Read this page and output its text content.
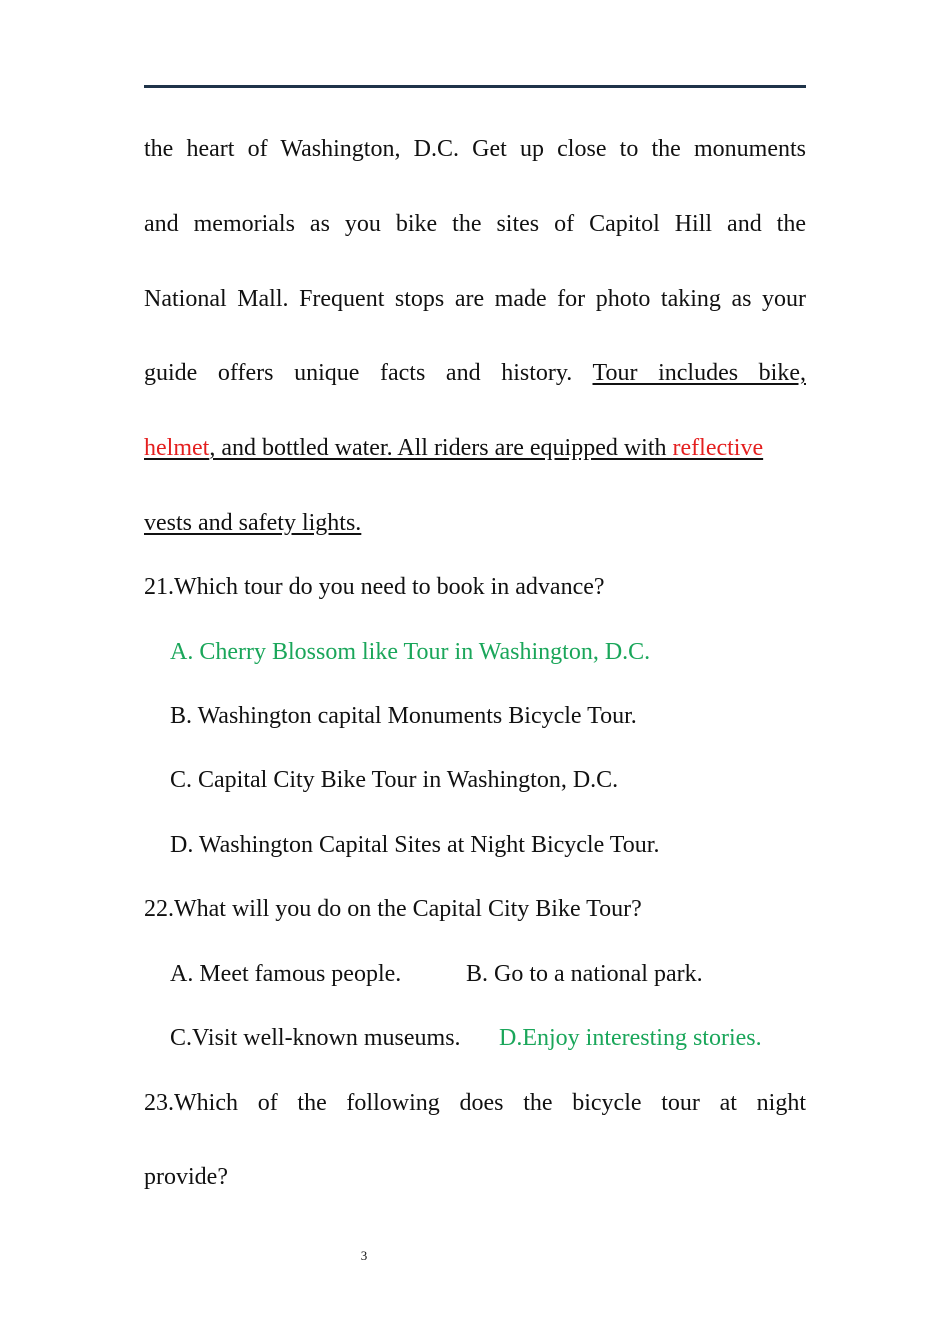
the heart of Washington, D.C. Get up close to the monuments
and memorials as you bike the sites of Capitol Hill and the
National Mall. Frequent stops are made for photo taking as your
guide offers unique facts and history. Tour includes bike,
helmet, and bottled water. All riders are equipped with reflective
vests and safety lights.
21.Which tour do you need to book in advance?
A. Cherry Blossom like Tour in Washington, D.C.
B. Washington capital Monuments Bicycle Tour.
C. Capital City Bike Tour in Washington, D.C.
D. Washington Capital Sites at Night Bicycle Tour.
22.What will you do on the Capital City Bike Tour?
A. Meet famous people.	B. Go to a national park.
C.Visit well-known museums. D.Enjoy interesting stories.
23.Which of the following does the bicycle tour at night
provide?
3
